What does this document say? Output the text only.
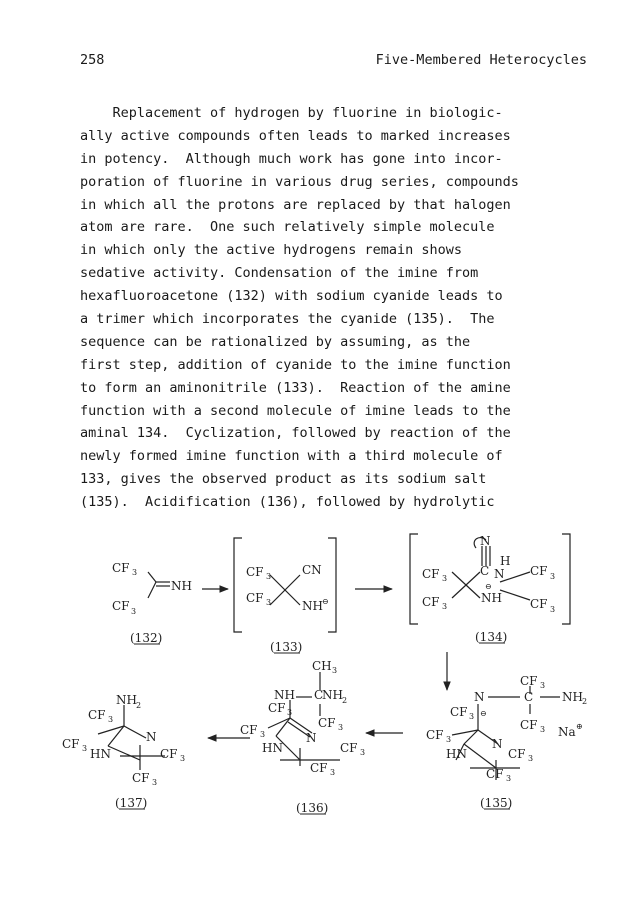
258	Five-Membered Heterocycles
Replacement of hydrogen by fluorine in biologic-
ally active compounds often leads to marked increases
in potency.  Although much work has gone into incor-
poration of fluorine in various drug series, compounds
in which all the protons are replaced by that halogen
atom are rare.  One such relatively simple molecule
in which only the active hydrogens remain shows
sedative activity. Condensation of the imine from
hexafluoroacetone (132) with sodium cyanide leads to
a trimer which incorporates the cyanide (135).  The
sequence can be rationalized by assuming, as the
first step, addition of cyanide to the imine function
to form an aminonitrile (133).  Reaction of the amine
function with a second molecule of imine leads to the
aminal 134.  Cyclization, followed by reaction of the
newly formed imine function with a third molecule of
133, gives the observed product as its sodium salt
(135).  Acidification (136), followed by hydrolytic
CF 3
NH
CF 3
(132)
CF 3	CN
CF 3	NH ⊖
(133)
N
H
C N
⊖
CF 3
CF 3
NH
CF 3
CF 3
(134)
CF 3
N	C NH 2
CF 3 ⊖
CF 3
N
CF 3
Na ⊕
HN	CF 3
CF 3
(135)
CH 3
NH C
NH 2
CF 3
CF 3
N
CF 3
HN	CF 3
CF 3
(136)
NH 2
CF 3
N
CF 3 HN	CF 3
CF 3
(137)
